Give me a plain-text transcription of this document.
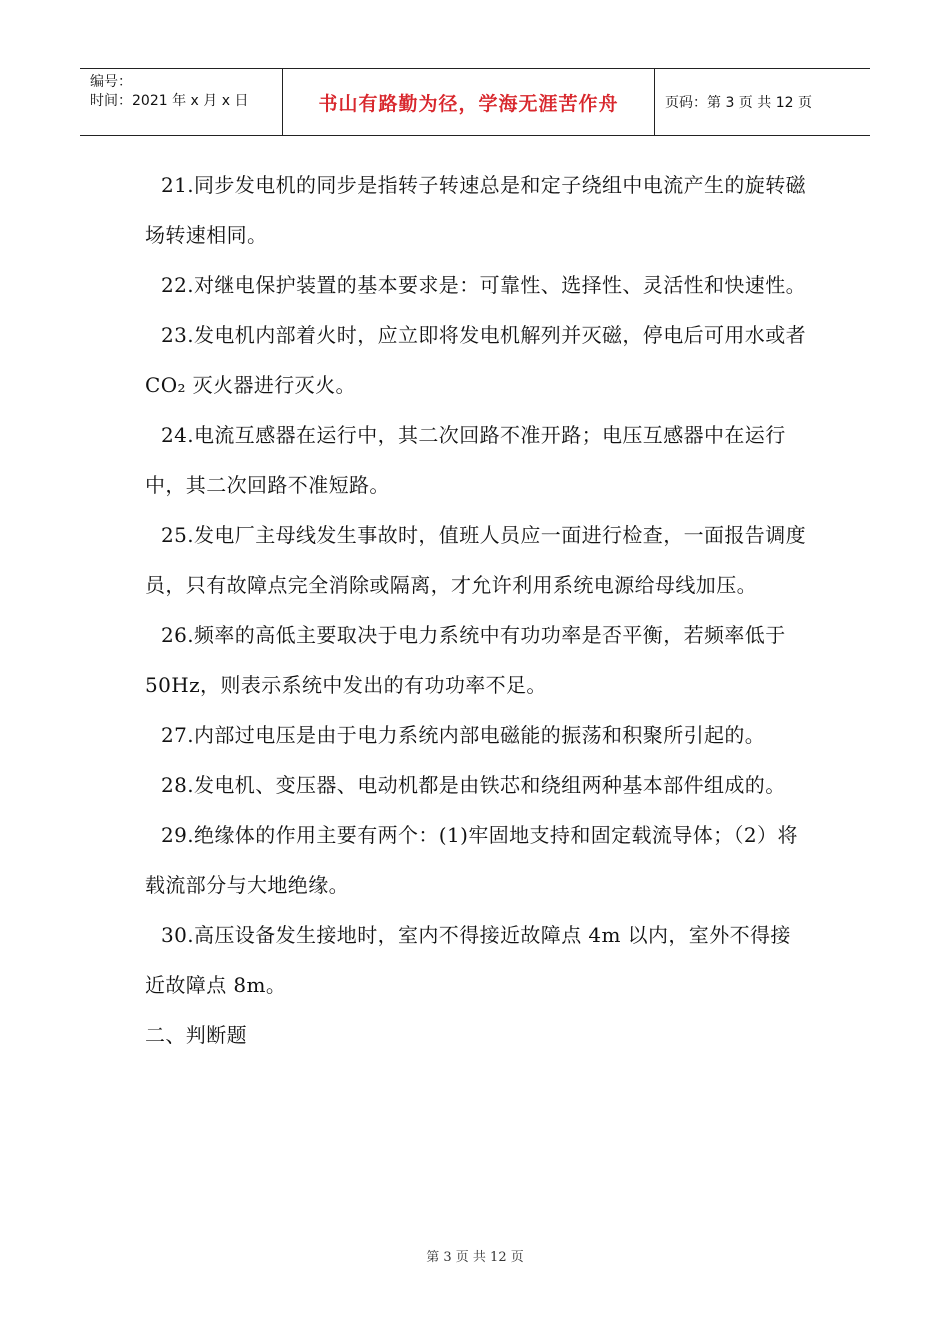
编号：
时间：2021 年 x 月 x 日	书山有路勤为径，学海无涯苦作舟	页码：第 3 页 共 12 页

21.同步发电机的同步是指转子转速总是和定子绕组中电流产生的旋转磁场转速相同。

22.对继电保护装置的基本要求是：可靠性、选择性、灵活性和快速性。

23.发电机内部着火时，应立即将发电机解列并灭磁，停电后可用水或者 CO₂ 灭火器进行灭火。

24.电流互感器在运行中，其二次回路不准开路；电压互感器中在运行中，其二次回路不准短路。

25.发电厂主母线发生事故时，值班人员应一面进行检查，一面报告调度员，只有故障点完全消除或隔离，才允许利用系统电源给母线加压。

26.频率的高低主要取决于电力系统中有功功率是否平衡，若频率低于 50Hz，则表示系统中发出的有功功率不足。

27.内部过电压是由于电力系统内部电磁能的振荡和积聚所引起的。

28.发电机、变压器、电动机都是由铁芯和绕组两种基本部件组成的。

29.绝缘体的作用主要有两个：(1)牢固地支持和固定载流导体；（2）将载流部分与大地绝缘。

30.高压设备发生接地时，室内不得接近故障点 4m 以内，室外不得接近故障点 8m。

二、判断题

第 3 页 共 12 页
